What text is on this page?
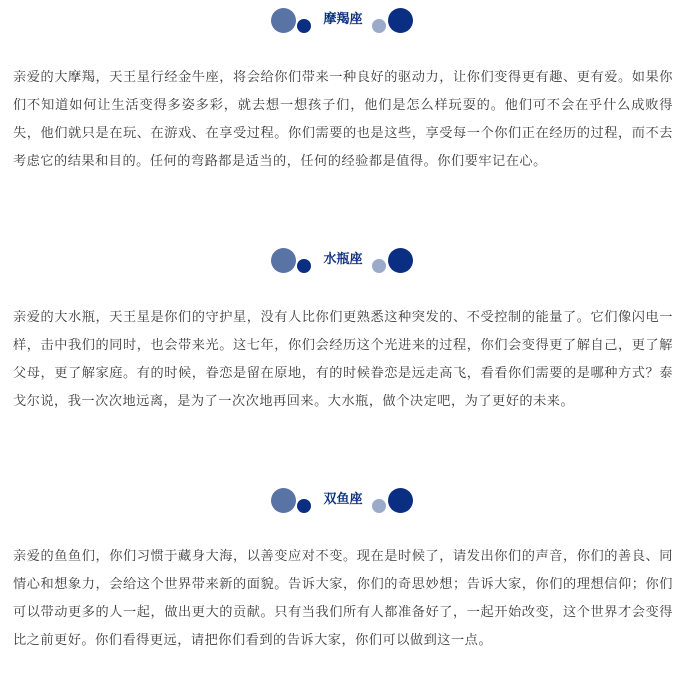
摩羯座

亲爱的大摩羯，天王星行经金牛座，将会给你们带来一种良好的驱动力，让你们变得更有趣、更有爱。如果你们不知道如何让生活变得多姿多彩，就去想一想孩子们，他们是怎么样玩耍的。他们可不会在乎什么成败得失，他们就只是在玩、在游戏、在享受过程。你们需要的也是这些，享受每一个你们正在经历的过程，而不去考虑它的结果和目的。任何的弯路都是适当的，任何的经验都是值得。你们要牢记在心。

水瓶座

亲爱的大水瓶，天王星是你们的守护星，没有人比你们更熟悉这种突发的、不受控制的能量了。它们像闪电一样，击中我们的同时，也会带来光。这七年，你们会经历这个光进来的过程，你们会变得更了解自己，更了解父母，更了解家庭。有的时候，眷恋是留在原地，有的时候眷恋是远走高飞，看看你们需要的是哪种方式？泰戈尔说，我一次次地远离，是为了一次次地再回来。大水瓶，做个决定吧，为了更好的未来。

双鱼座

亲爱的鱼鱼们，你们习惯于藏身大海，以善变应对不变。现在是时候了，请发出你们的声音，你们的善良、同情心和想象力，会给这个世界带来新的面貌。告诉大家，你们的奇思妙想；告诉大家，你们的理想信仰；你们可以带动更多的人一起，做出更大的贡献。只有当我们所有人都准备好了，一起开始改变，这个世界才会变得比之前更好。你们看得更远，请把你们看到的告诉大家，你们可以做到这一点。
